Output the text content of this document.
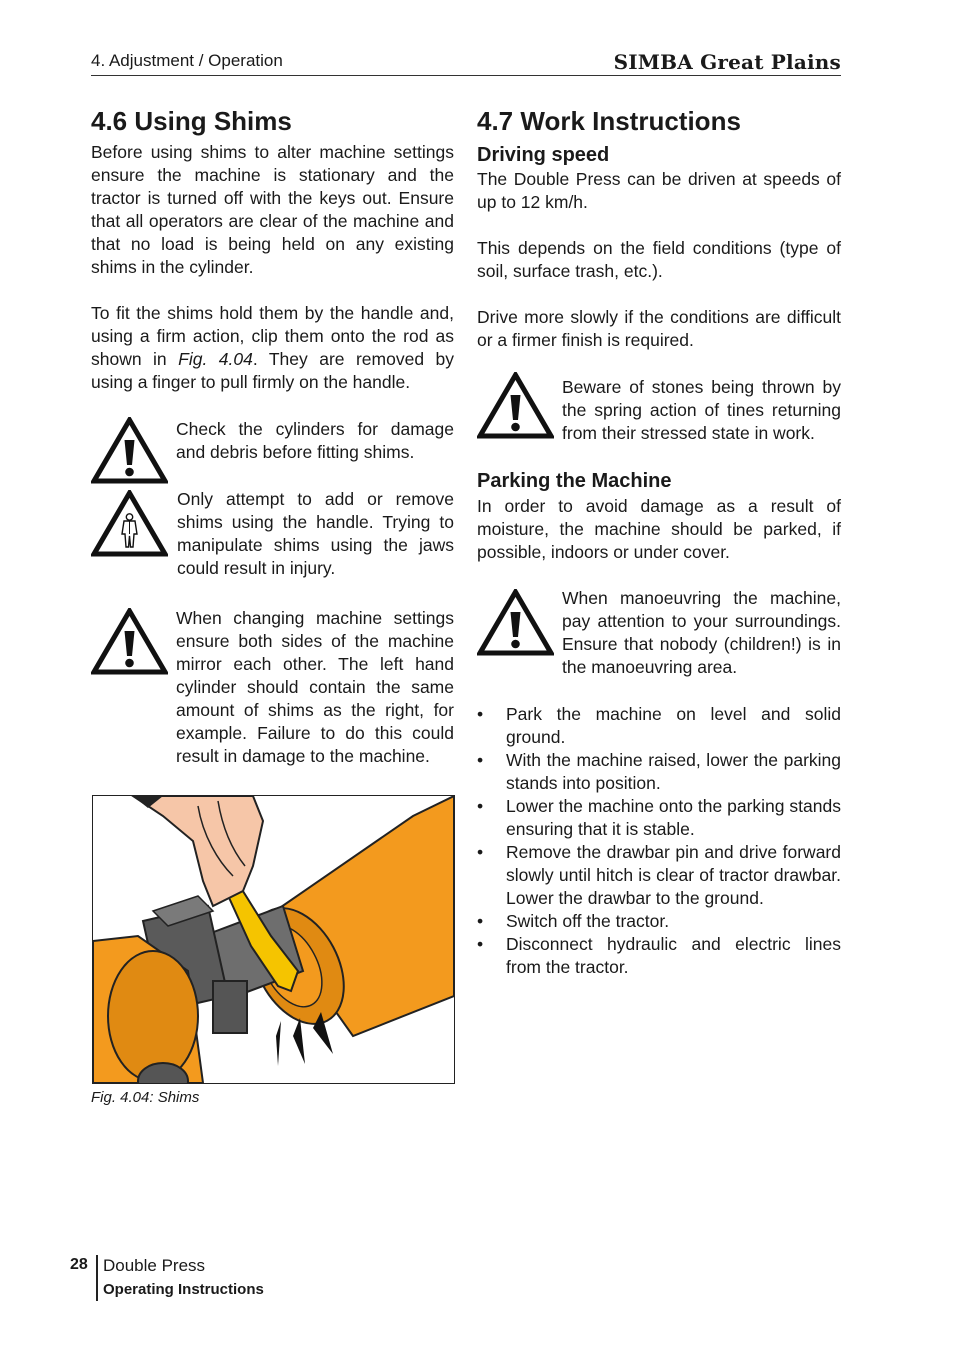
4. Adjustment / Operation	SIMBA Great Plains
4.6 Using Shims

Before using shims to alter machine settings ensure the machine is stationary and the tractor is turned off with the keys out. Ensure that all operators are clear of the machine and that no load is being held on any existing shims in the cylinder.

To fit the shims hold them by the handle and, using a firm action, clip them onto the rod as shown in Fig. 4.04. They are removed by using a finger to pull firmly on the handle.

Check the cylinders for damage and debris before fitting shims.
Only attempt to add or remove shims using the handle. Trying to manipulate shims using the jaws could result in injury.
When changing machine settings ensure both sides of the machine mirror each other. The left hand cylinder should contain the same amount of shims as the right, for example. Failure to do this could result in damage to the machine.
Fig. 4.04: Shims
4.7 Work Instructions
Driving speed

The Double Press can be driven at speeds of up to 12 km/h.

This depends on the field conditions (type of soil, surface trash, etc.).

Drive more slowly if the conditions are difficult or a firmer finish is required.

Beware of stones being thrown by the spring action of tines returning from their stressed state in work.
Parking the Machine

In order to avoid damage as a result of moisture, the machine should be parked, if possible, indoors or under cover.

When manoeuvring the machine, pay attention to your surroundings. Ensure that nobody (children!) is in the manoeuvring area.
• Park the machine on level and solid ground.
• With the machine raised, lower the parking stands into position.
• Lower the machine onto the parking stands ensuring that it is stable.
• Remove the drawbar pin and drive forward slowly until hitch is clear of tractor drawbar. Lower the drawbar to the ground.
• Switch off the tractor.
• Disconnect hydraulic and electric lines from the tractor.
28 Double Press
Operating Instructions
